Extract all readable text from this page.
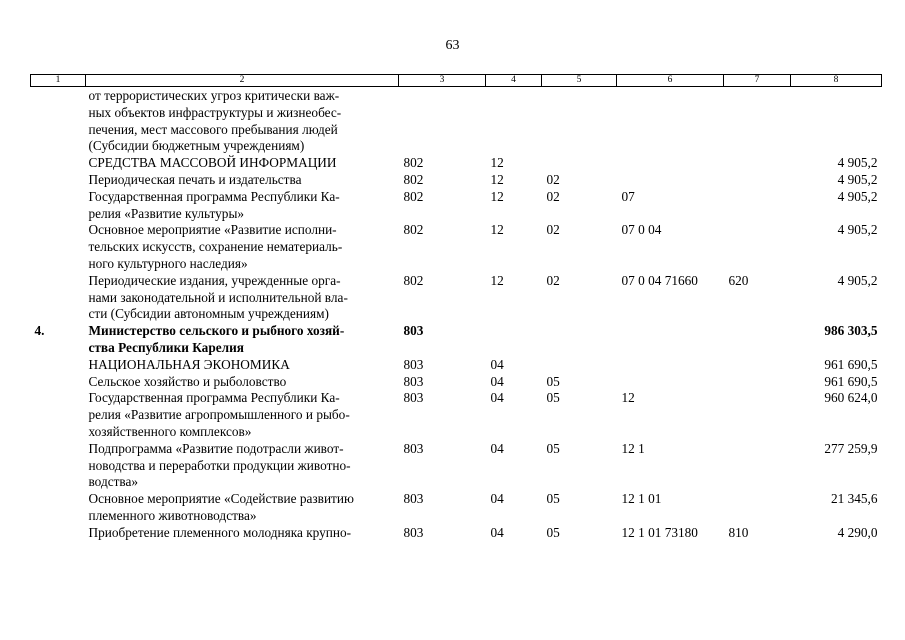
63
1	2	3	4	5	6	7	8

	от террористических угроз критически важ-
ных объектов инфраструктуры и жизнеобес-
печения, мест массового пребывания людей
(Субсидии бюджетным учреждениям)						

	СРЕДСТВА МАССОВОЙ ИНФОРМАЦИИ	802	12				4 905,2

	Периодическая печать и издательства	802	12	02			4 905,2

	Государственная программа Республики Ка-
релия «Развитие культуры»	802	12	02	07		4 905,2

	Основное мероприятие «Развитие исполни-
тельских искусств, сохранение нематериаль-
ного культурного наследия»	802	12	02	07 0 04		4 905,2

	Периодические издания, учрежденные орга-
нами законодательной и исполнительной вла-
сти (Субсидии автономным учреждениям)	802	12	02	07 0 04 71660	620	4 905,2
4.	Министерство сельского и рыбного хозяй-
ства Республики Карелия	803					986 303,5

	НАЦИОНАЛЬНАЯ ЭКОНОМИКА	803	04				961 690,5

	Сельское хозяйство и рыболовство	803	04	05			961 690,5

	Государственная программа Республики Ка-
релия «Развитие агропромышленного и рыбо-
хозяйственного комплексов»	803	04	05	12		960 624,0

	Подпрограмма «Развитие подотрасли живот-
новодства и переработки продукции животно-
водства»	803	04	05	12 1		277 259,9

	Основное мероприятие «Содействие развитию
племенного животноводства»	803	04	05	12 1 01		21 345,6

	Приобретение племенного молодняка крупно-	803	04	05	12 1 01 73180	810	4 290,0
